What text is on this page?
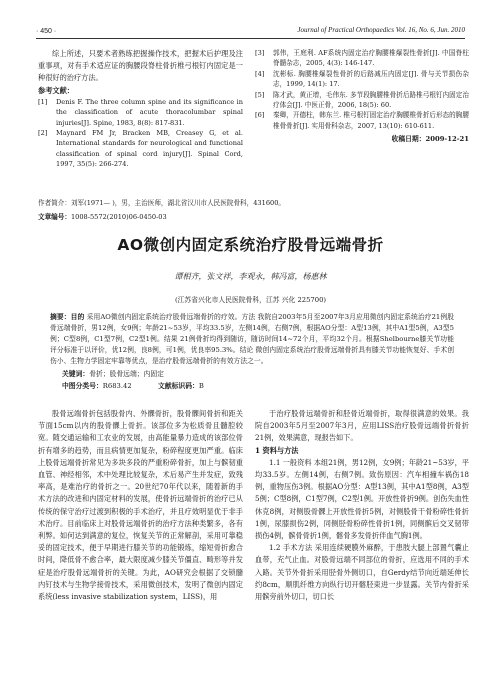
· 450 ·	Journal of Practical Orthopaedics Vol. 16, No. 6, Jun. 2010

综上所述，只要术者熟练把握操作技术，把握术后护理及注重事项，对有手术适应证的胸腰段脊柱骨折椎弓根钉内固定是一种很好的治疗方法。

参考文献：

[1]	Denis F. The three column spine and its significance in the classification of acute thoracolumbar spinal injuries[J]. Spine, 1983, 8(8): 817-831.
[2]	Maynard FM Jr, Bracken MB, Creasey G, et al. International standards for neurological and functional classification of spinal cord injury[J]. Spinal Cord, 1997, 35(5): 266-274.
[3]	郭伟，王庭利. AF系统内固定治疗胸腰椎爆裂性骨折[J]. 中国脊柱脊髓杂志，2005, 4(3): 146-147.
[4]	沈彬标. 胸腰椎爆裂性骨折的后路减压内固定[J]. 骨与关节损伤杂志，1999, 14(1): 17.
[5]	陈才武，黄正增，毛伟东. 多节段胸腰椎骨折后路椎弓根钉内固定治疗体会[J]. 中医正骨，2006, 18(5): 60.
[6]	秦卿，开德柱，韩东兰. 椎弓根钉固定治疗胸腰椎骨折后形态的胸腰椎骨骨折[J]. 实用骨科杂志，2007, 13(10): 610-611.
收稿日期：2009-12-21
作者简介：刘军(1971— )，男，主治医师，湖北省汉川市人民医院骨科，431600。
文章编号：1008-5572(2010)06-0450-03
AO微创内固定系统治疗股骨远端骨折
谭相齐，张文祥，李观永，韩冯富，杨惠林
(江苏省兴化市人民医院骨科，江苏 兴化 225700)
摘要：目的 采用AO微创内固定系统治疗股骨远端骨折的疗效。方法 我院自2003年5月至2007年3月应用微创内固定系统治疗21例股骨远端骨折，男12例，女9例；年龄21~53岁，平均33.5岁，左侧14例，右侧7例，根据AO分型：A型13例，其中A1型5例，A3型5例；C型8例，C1型7例，C2型1例。结果 21例骨折均得到随访，随访时间14~72个月，平均32个月。根据Shelbourne膝关节功能评分标准于以评价，优12例，良8例，可1例，优良率95.3%。结论 微创内固定系统治疗股骨远端骨折具有膝关节功能恢复好、手术创伤小、生物力学固定牢靠等优点，是治疗股骨远端骨折的有效方法之一。
关键词：骨折；股骨远端；内固定
中图分类号：R683.42	文献标识码：B

股骨远端骨折包括股骨内、外髁骨折，股骨髁间骨折和距关节面15cm以内的股骨髁上骨折。该部位多为松质骨且髓腔较宽。随交通运输和工农业的发展，由高能量暴力造成的该部位骨折有增多的趋势，而且病情更加复杂，粉碎程度更加严重。临床上股骨远端骨折常见为多块多段的严重粉碎骨折，加上与髌韧重血管、神经相邻，术中处理比较复杂，术后易产生并发症，致残率高，是难治疗的骨折之一。20世纪70年代以来，随着新的手术方法的改进和内固定材料的发展，使骨折远端骨折的治疗已从传统的保守治疗过渡到积极的手术治疗，并且疗效明显优于非手术治疗。目前临床上对股骨远端骨折的治疗方法种类繁多，各有利弊。如何达到满意的复位，恢复关节的正常解剖，采用可靠稳妥的固定技术，便于早期进行膝关节的功能锻炼，缩短骨折愈合时间，降低骨不愈合率，最大限度减少膝关节僵直、畸形等并发症是治疗股骨远端骨折的关键。为此，AO研究会根据了交锁髓内钉技术与生物学接骨技术，采用微创技术，发明了微创内固定系统(less invasive stabilization system，LISS)，用

于治疗股骨远端骨折和胫骨近端骨折，取得很满意的效果。我院自2003年5月至2007年3月，应用LISS治疗股骨远端骨折骨折21例，效果满意，现报告如下。

1 资料与方法

1.1 一般资料 本组21例，男12例，女9例；年龄21~53岁，平均33.5岁。左侧14例，右侧7例。致伤原因：汽车相撞车祸伤18例，重物压伤3例。根据AO分型：A型13例，其中A1型8例，A3型5例；C型8例，C1型7例，C2型1例。开放性骨折9例。创伤失血性休克8例，对侧股骨髁上开放性骨折5例，对侧股骨干骨粉碎性骨折1例，尿膝损伤2例，同侧胫骨粉碎性骨折1例，同侧髌后交叉韧带损伤4例，髌骨骨折1例，髂骨多发骨折伴血气胸1例。

1.2 手术方法 采用连续硬膜外麻醉，于患肢大腿上部置气囊止血带，充气止血。对股骨远端不同部位的骨折，应选用不同的手术入路。关节外骨折采用胫骨外侧切口，自Gerdy结节向近端延伸长约8cm，顺肌纤维方向纵行切开髂胫束进一步显露。关节内骨折采用髌旁前外切口，切口长
